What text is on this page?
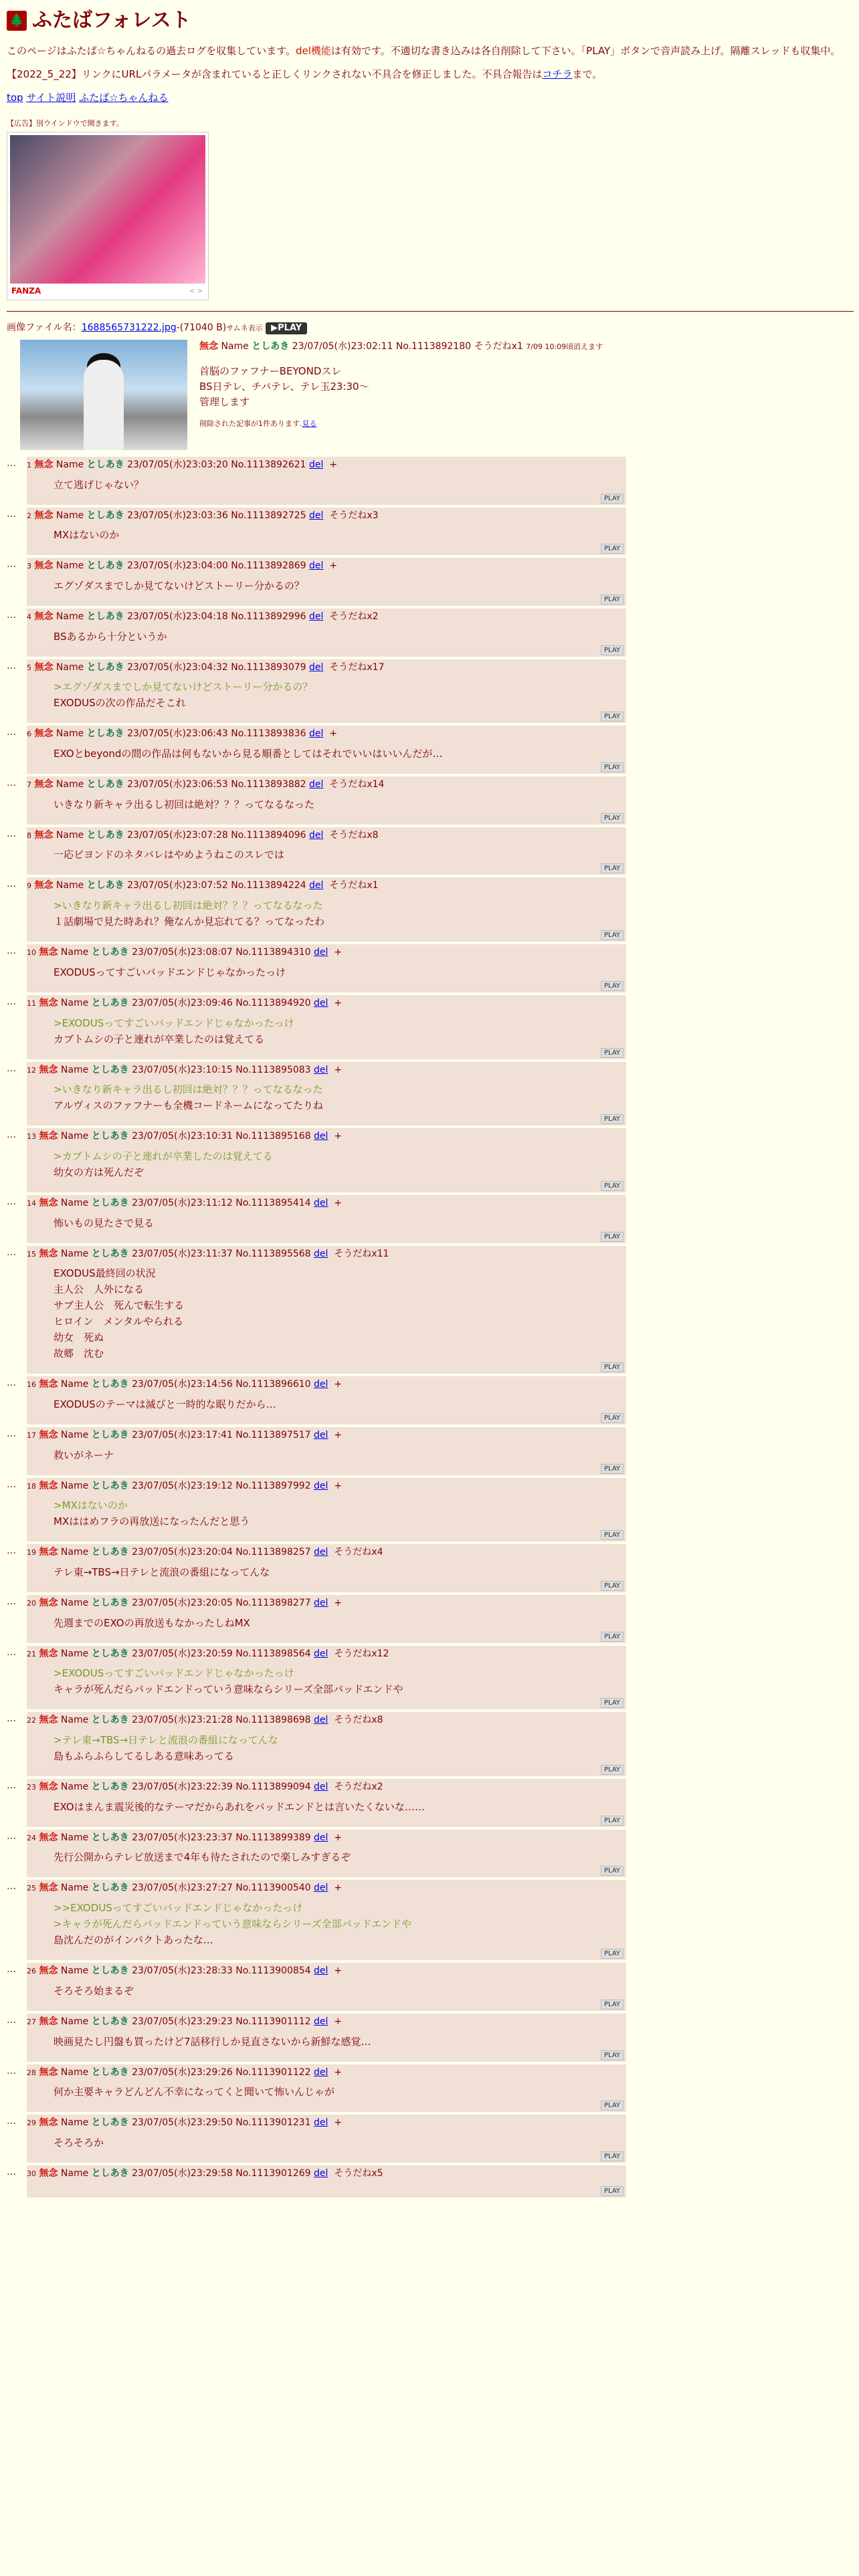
🌲 ふたばフォレスト

このページはふたば☆ちゃんねるの過去ログを収集しています。del機能は有効です。不適切な書き込みは各自削除して下さい。「PLAY」ボタンで音声読み上げ。隔離スレッドも収集中。

【2022_5_22】リンクにURLパラメータが含まれていると正しくリンクされない不具合を修正しました。不具合報告はコチラまで。

top サイト説明 ふたば☆ちゃんねる

【広告】別ウインドウで開きます。
FANZA	< >
画像ファイル名：1688565731222.jpg-(71040 B)サムネ表示 ▶PLAY
無念 Name としあき 23/07/05(水)23:02:11 No.1113892180 そうだねx1 7/09 10:09頃消えます
首脳のファフナーBEYONDスレ
BS日テレ、チバテレ、テレ玉23:30〜
管理します
削除された記事が1件あります.見る
…	1 無念 Name としあき 23/07/05(水)23:03:20 No.1113892621 del +
立て逃げじゃない？
PLAY
…	2 無念 Name としあき 23/07/05(水)23:03:36 No.1113892725 del そうだねx3
MXはないのか
PLAY
…	3 無念 Name としあき 23/07/05(水)23:04:00 No.1113892869 del +
エグゾダスまでしか見てないけどストーリー分かるの？
PLAY
…	4 無念 Name としあき 23/07/05(水)23:04:18 No.1113892996 del そうだねx2
BSあるから十分というか
PLAY
…	5 無念 Name としあき 23/07/05(水)23:04:32 No.1113893079 del そうだねx17
>エグゾダスまでしか見てないけどストーリー分かるの？
EXODUSの次の作品だそこれ
PLAY
…	6 無念 Name としあき 23/07/05(水)23:06:43 No.1113893836 del +
EXOとbeyondの間の作品は何もないから見る順番としてはそれでいいはいいんだが…
PLAY
…	7 無念 Name としあき 23/07/05(水)23:06:53 No.1113893882 del そうだねx14
いきなり新キャラ出るし初回は絶対？？？ってなるなった
PLAY
…	8 無念 Name としあき 23/07/05(水)23:07:28 No.1113894096 del そうだねx8
一応ビヨンドのネタバレはやめようねこのスレでは
PLAY
…	9 無念 Name としあき 23/07/05(水)23:07:52 No.1113894224 del そうだねx1
>いきなり新キャラ出るし初回は絶対？？？ってなるなった
１話劇場で見た時あれ？俺なんか見忘れてる？ってなったわ
PLAY
…	10 無念 Name としあき 23/07/05(水)23:08:07 No.1113894310 del +
EXODUSってすごいバッドエンドじゃなかったっけ
PLAY
…	11 無念 Name としあき 23/07/05(水)23:09:46 No.1113894920 del +
>EXODUSってすごいバッドエンドじゃなかったっけ
カブトムシの子と連れが卒業したのは覚えてる
PLAY
…	12 無念 Name としあき 23/07/05(水)23:10:15 No.1113895083 del +
>いきなり新キャラ出るし初回は絶対？？？ってなるなった
アルヴィスのファフナーも全機コードネームになってたりね
PLAY
…	13 無念 Name としあき 23/07/05(水)23:10:31 No.1113895168 del +
>カブトムシの子と連れが卒業したのは覚えてる
幼女の方は死んだぞ
PLAY
…	14 無念 Name としあき 23/07/05(水)23:11:12 No.1113895414 del +
怖いもの見たさで見る
PLAY
…	15 無念 Name としあき 23/07/05(水)23:11:37 No.1113895568 del そうだねx11
EXODUS最終回の状況
主人公　人外になる
サブ主人公　死んで転生する
ヒロイン　メンタルやられる
幼女　死ぬ
故郷　沈む
PLAY
…	16 無念 Name としあき 23/07/05(水)23:14:56 No.1113896610 del +
EXODUSのテーマは滅びと一時的な眠りだから…
PLAY
…	17 無念 Name としあき 23/07/05(水)23:17:41 No.1113897517 del +
救いがネーナ
PLAY
…	18 無念 Name としあき 23/07/05(水)23:19:12 No.1113897992 del +
>MXはないのか
MXははめフラの再放送になったんだと思う
PLAY
…	19 無念 Name としあき 23/07/05(水)23:20:04 No.1113898257 del そうだねx4
テレ東→TBS→日テレと流浪の番組になってんな
PLAY
…	20 無念 Name としあき 23/07/05(水)23:20:05 No.1113898277 del +
先週までのEXOの再放送もなかったしねMX
PLAY
…	21 無念 Name としあき 23/07/05(水)23:20:59 No.1113898564 del そうだねx12
>EXODUSってすごいバッドエンドじゃなかったっけ
キャラが死んだらバッドエンドっていう意味ならシリーズ全部バッドエンドや
PLAY
…	22 無念 Name としあき 23/07/05(水)23:21:28 No.1113898698 del そうだねx8
>テレ東→TBS→日テレと流浪の番組になってんな
島もふらふらしてるしある意味あってる
PLAY
…	23 無念 Name としあき 23/07/05(水)23:22:39 No.1113899094 del そうだねx2
EXOはまんま震災後的なテーマだからあれをバッドエンドとは言いたくないな……
PLAY
…	24 無念 Name としあき 23/07/05(水)23:23:37 No.1113899389 del +
先行公開からテレビ放送まで4年も待たされたので楽しみすぎるぞ
PLAY
…	25 無念 Name としあき 23/07/05(水)23:27:27 No.1113900540 del +
>>EXODUSってすごいバッドエンドじゃなかったっけ
>キャラが死んだらバッドエンドっていう意味ならシリーズ全部バッドエンドや
島沈んだのがインパクトあったな…
PLAY
…	26 無念 Name としあき 23/07/05(水)23:28:33 No.1113900854 del +
そろそろ始まるぞ
PLAY
…	27 無念 Name としあき 23/07/05(水)23:29:23 No.1113901112 del +
映画見たし円盤も買ったけど7話移行しか見直さないから新鮮な感覚…
PLAY
…	28 無念 Name としあき 23/07/05(水)23:29:26 No.1113901122 del +
何か主要キャラどんどん不幸になってくと聞いて怖いんじゃが
PLAY
…	29 無念 Name としあき 23/07/05(水)23:29:50 No.1113901231 del +
そろそろか
PLAY
…	30 無念 Name としあき 23/07/05(水)23:29:58 No.1113901269 del そうだねx5
PLAY
